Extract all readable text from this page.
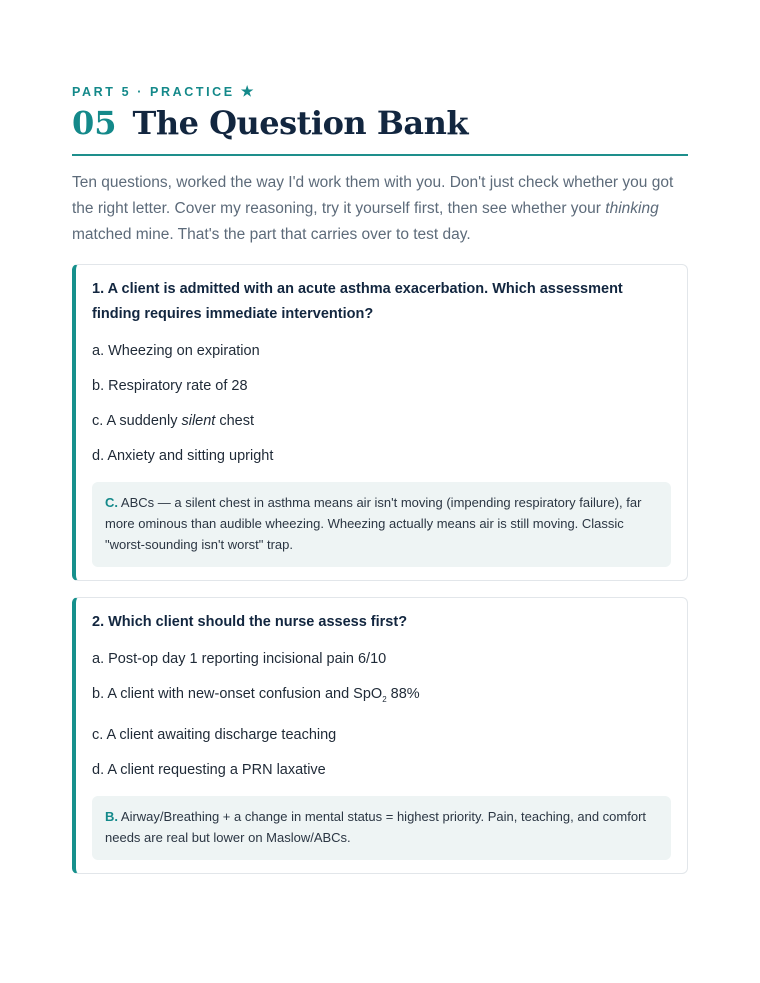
PART 5 · PRACTICE ★

05 The Question Bank

Ten questions, worked the way I'd work them with you. Don't just check whether you got the right letter. Cover my reasoning, try it yourself first, then see whether your thinking matched mine. That's the part that carries over to test day.

1. A client is admitted with an acute asthma exacerbation. Which assessment finding requires immediate intervention?

a. Wheezing on expiration

b. Respiratory rate of 28

c. A suddenly silent chest

d. Anxiety and sitting upright

C. ABCs — a silent chest in asthma means air isn't moving (impending respiratory failure), far more ominous than audible wheezing. Wheezing actually means air is still moving. Classic "worst-sounding isn't worst" trap.

2. Which client should the nurse assess first?

a. Post-op day 1 reporting incisional pain 6/10

b. A client with new-onset confusion and SpO$_2$ 88%

c. A client awaiting discharge teaching

d. A client requesting a PRN laxative

B. Airway/Breathing + a change in mental status = highest priority. Pain, teaching, and comfort needs are real but lower on Maslow/ABCs.
